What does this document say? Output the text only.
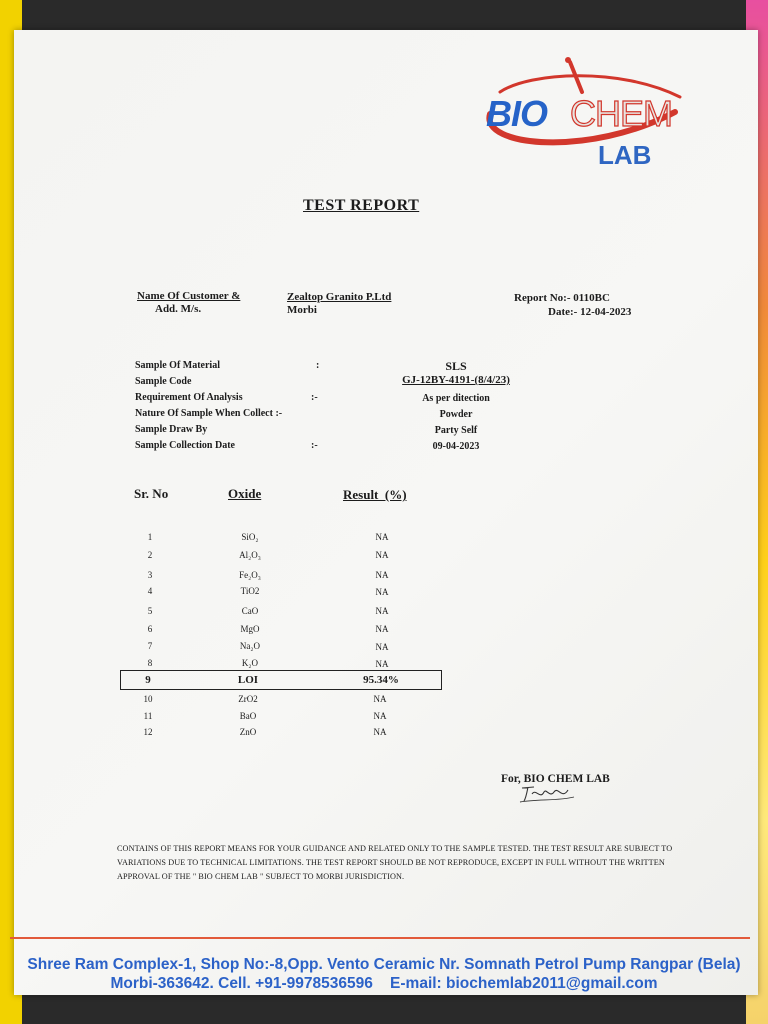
BIO CHEM
LAB
TEST REPORT
Name Of Customer &
Add. M/s.
Zealtop Granito P.Ltd
Morbi
Report No:- 0110BC
Date:- 12-04-2023
Sample Of Material	:	SLS
Sample Code	GJ-12BY-4191-(8/4/23)
Requirement Of Analysis	:-	As per ditection
Nature Of Sample When Collect :-	Powder
Sample Draw By	Party Self
Sample Collection Date	:-	09-04-2023
Sr. No	Oxide	Result  (%)
1	SiO₂	NA
2	Al₂O₃	NA
3	Fe₂O₃	NA
4	TiO2	NA
5	CaO	NA
6	MgO	NA
7	Na₂O	NA
8	K₂O	NA
9	LOI	95.34%
10	ZrO2	NA
11	BaO	NA
12	ZnO	NA
For, BIO CHEM LAB
CONTAINS OF THIS REPORT MEANS FOR YOUR GUIDANCE AND RELATED ONLY TO THE SAMPLE TESTED. THE TEST RESULT ARE SUBJECT TO VARIATIONS DUE TO TECHNICAL LIMITATIONS. THE TEST REPORT SHOULD BE NOT REPRODUCE, EXCEPT IN FULL WITHOUT THE WRITTEN APPROVAL OF THE " BIO CHEM LAB " SUBJECT TO MORBI JURISDICTION.
Shree Ram Complex-1, Shop No:-8,Opp. Vento Ceramic Nr. Somnath Petrol Pump Rangpar (Bela)
Morbi-363642. Cell. +91-9978536596    E-mail: biochemlab2011@gmail.com
